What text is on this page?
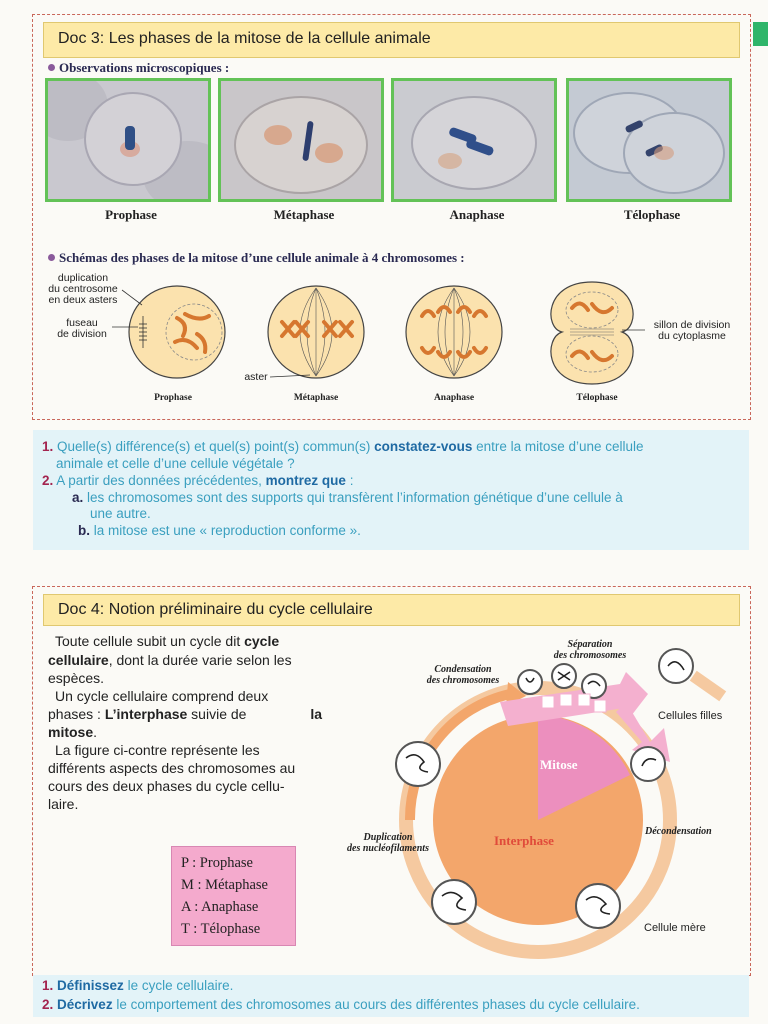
Doc 3: Les phases de la mitose de la cellule animale
Observations microscopiques :
Prophase	Métaphase	Anaphase	Télophase
Schémas des phases de la mitose d’une cellule animale à 4 chromosomes :
Prophase	Métaphase	Anaphase	Télophase
duplication
du centrosome
en deux asters
fuseau
de division
aster
sillon de division
du cytoplasme
1. Quelle(s) différence(s) et quel(s) point(s) commun(s) constatez-vous entre la mitose d’une cellule
animale et celle d’une cellule végétale ?
2. A partir des données précédentes, montrez que :
a. les chromosomes sont des supports qui transfèrent l’information génétique d’une cellule à
une autre.
b. la mitose est une « reproduction conforme ».
Doc 4: Notion préliminaire du cycle cellulaire
Toute cellule subit un cycle dit cycle
cellulaire, dont la durée varie selon les
espèces.
Un cycle cellulaire comprend deux
phases : L’interphase suivie de	la
mitose.
La figure ci-contre représente les
différents aspects des chromosomes au
cours des deux phases du cycle cellu-
laire.
P : Prophase
M : Métaphase
A : Anaphase
T : Télophase
P M A
T
Condensation
des chromosomes
Séparation
des chromosomes
Cellules filles
Mitose
Interphase
Duplication
des nucléofilaments
Décondensation
Cellule mère
1. Définissez le cycle cellulaire.
2. Décrivez le comportement des chromosomes au cours des différentes phases du cycle cellulaire.
